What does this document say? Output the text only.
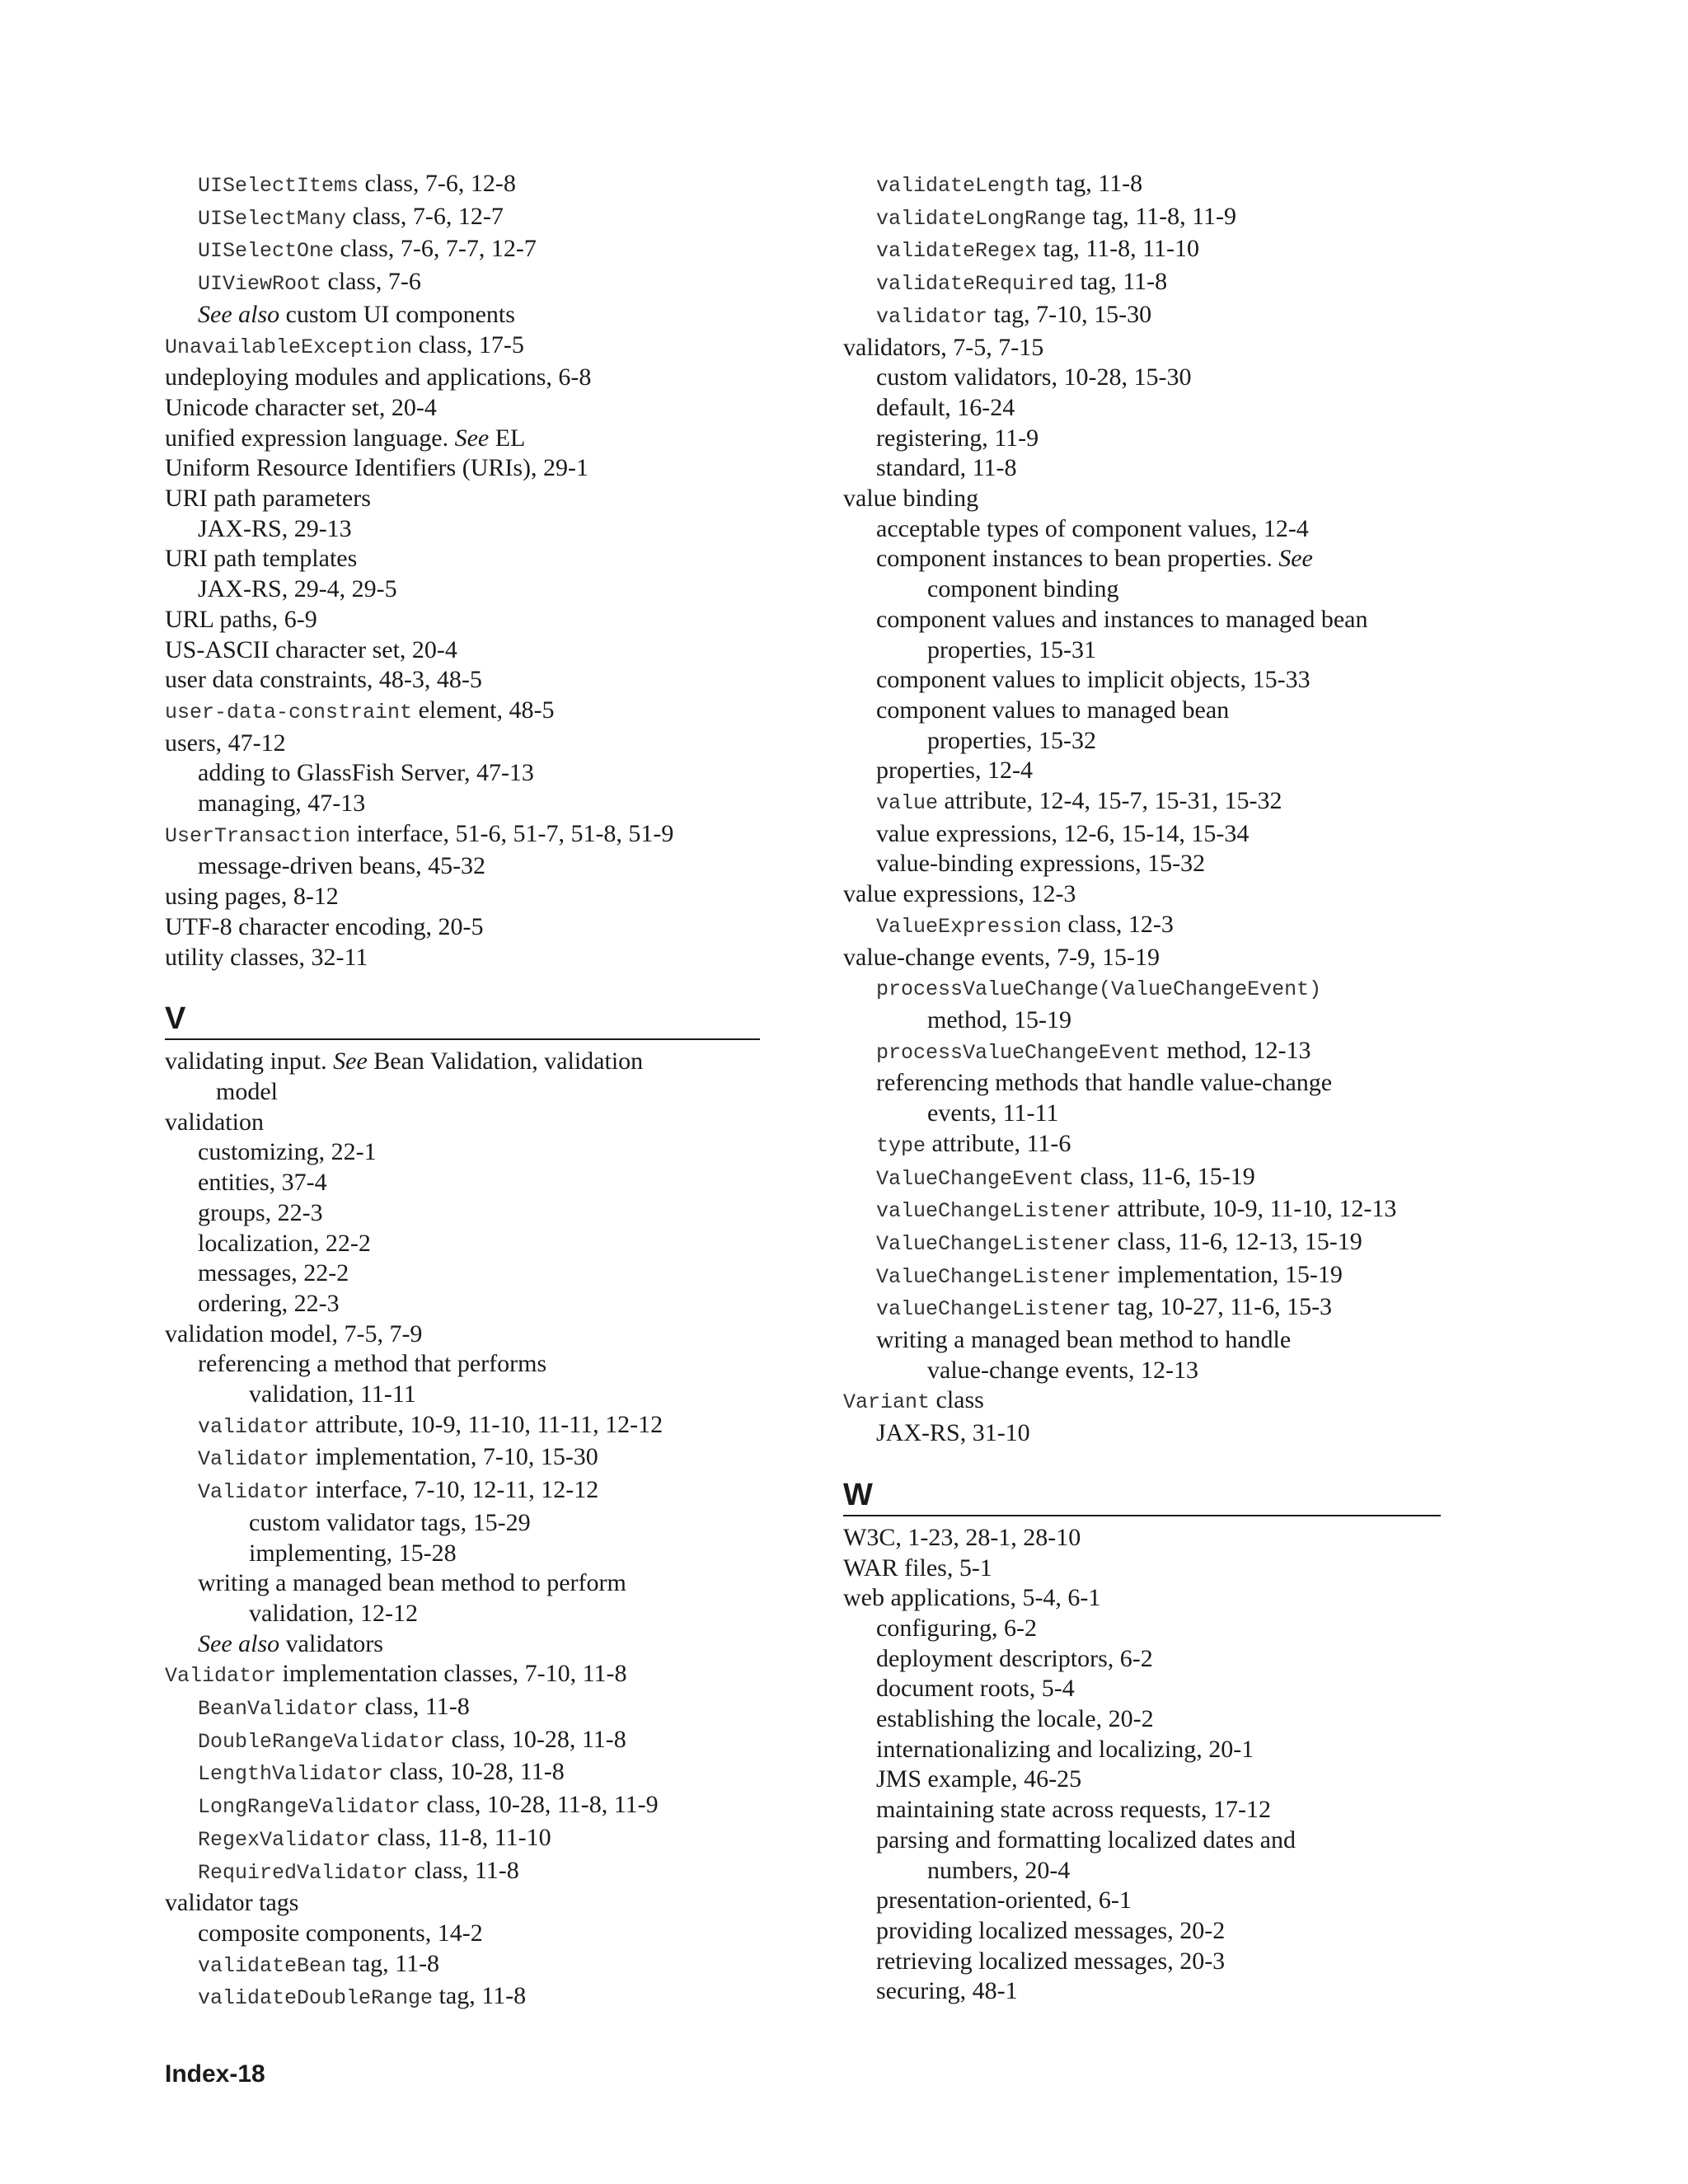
UISelectItems class, 7-6, 12-8
UISelectMany class, 7-6, 12-7
UISelectOne class, 7-6, 7-7, 12-7
UIViewRoot class, 7-6
See also custom UI components
UnavailableException class, 17-5
undeploying modules and applications, 6-8
Unicode character set, 20-4
unified expression language. See EL
Uniform Resource Identifiers (URIs), 29-1
URI path parameters
JAX-RS, 29-13
URI path templates
JAX-RS, 29-4, 29-5
URL paths, 6-9
US-ASCII character set, 20-4
user data constraints, 48-3, 48-5
user-data-constraint element, 48-5
users, 47-12
adding to GlassFish Server, 47-13
managing, 47-13
UserTransaction interface, 51-6, 51-7, 51-8, 51-9
message-driven beans, 45-32
using pages, 8-12
UTF-8 character encoding, 20-5
utility classes, 32-11
V
validating input. See Bean Validation, validation
model
validation
customizing, 22-1
entities, 37-4
groups, 22-3
localization, 22-2
messages, 22-2
ordering, 22-3
validation model, 7-5, 7-9
referencing a method that performs
validation, 11-11
validator attribute, 10-9, 11-10, 11-11, 12-12
Validator implementation, 7-10, 15-30
Validator interface, 7-10, 12-11, 12-12
custom validator tags, 15-29
implementing, 15-28
writing a managed bean method to perform
validation, 12-12
See also validators
Validator implementation classes, 7-10, 11-8
BeanValidator class, 11-8
DoubleRangeValidator class, 10-28, 11-8
LengthValidator class, 10-28, 11-8
LongRangeValidator class, 10-28, 11-8, 11-9
RegexValidator class, 11-8, 11-10
RequiredValidator class, 11-8
validator tags
composite components, 14-2
validateBean tag, 11-8
validateDoubleRange tag, 11-8
validateLength tag, 11-8
validateLongRange tag, 11-8, 11-9
validateRegex tag, 11-8, 11-10
validateRequired tag, 11-8
validator tag, 7-10, 15-30
validators, 7-5, 7-15
custom validators, 10-28, 15-30
default, 16-24
registering, 11-9
standard, 11-8
value binding
acceptable types of component values, 12-4
component instances to bean properties. See
component binding
component values and instances to managed bean
properties, 15-31
component values to implicit objects, 15-33
component values to managed bean
properties, 15-32
properties, 12-4
value attribute, 12-4, 15-7, 15-31, 15-32
value expressions, 12-6, 15-14, 15-34
value-binding expressions, 15-32
value expressions, 12-3
ValueExpression class, 12-3
value-change events, 7-9, 15-19
processValueChange(ValueChangeEvent)
method, 15-19
processValueChangeEvent method, 12-13
referencing methods that handle value-change
events, 11-11
type attribute, 11-6
ValueChangeEvent class, 11-6, 15-19
valueChangeListener attribute, 10-9, 11-10, 12-13
ValueChangeListener class, 11-6, 12-13, 15-19
ValueChangeListener implementation, 15-19
valueChangeListener tag, 10-27, 11-6, 15-3
writing a managed bean method to handle
value-change events, 12-13
Variant class
JAX-RS, 31-10
W
W3C, 1-23, 28-1, 28-10
WAR files, 5-1
web applications, 5-4, 6-1
configuring, 6-2
deployment descriptors, 6-2
document roots, 5-4
establishing the locale, 20-2
internationalizing and localizing, 20-1
JMS example, 46-25
maintaining state across requests, 17-12
parsing and formatting localized dates and
numbers, 20-4
presentation-oriented, 6-1
providing localized messages, 20-2
retrieving localized messages, 20-3
securing, 48-1
Index-18
